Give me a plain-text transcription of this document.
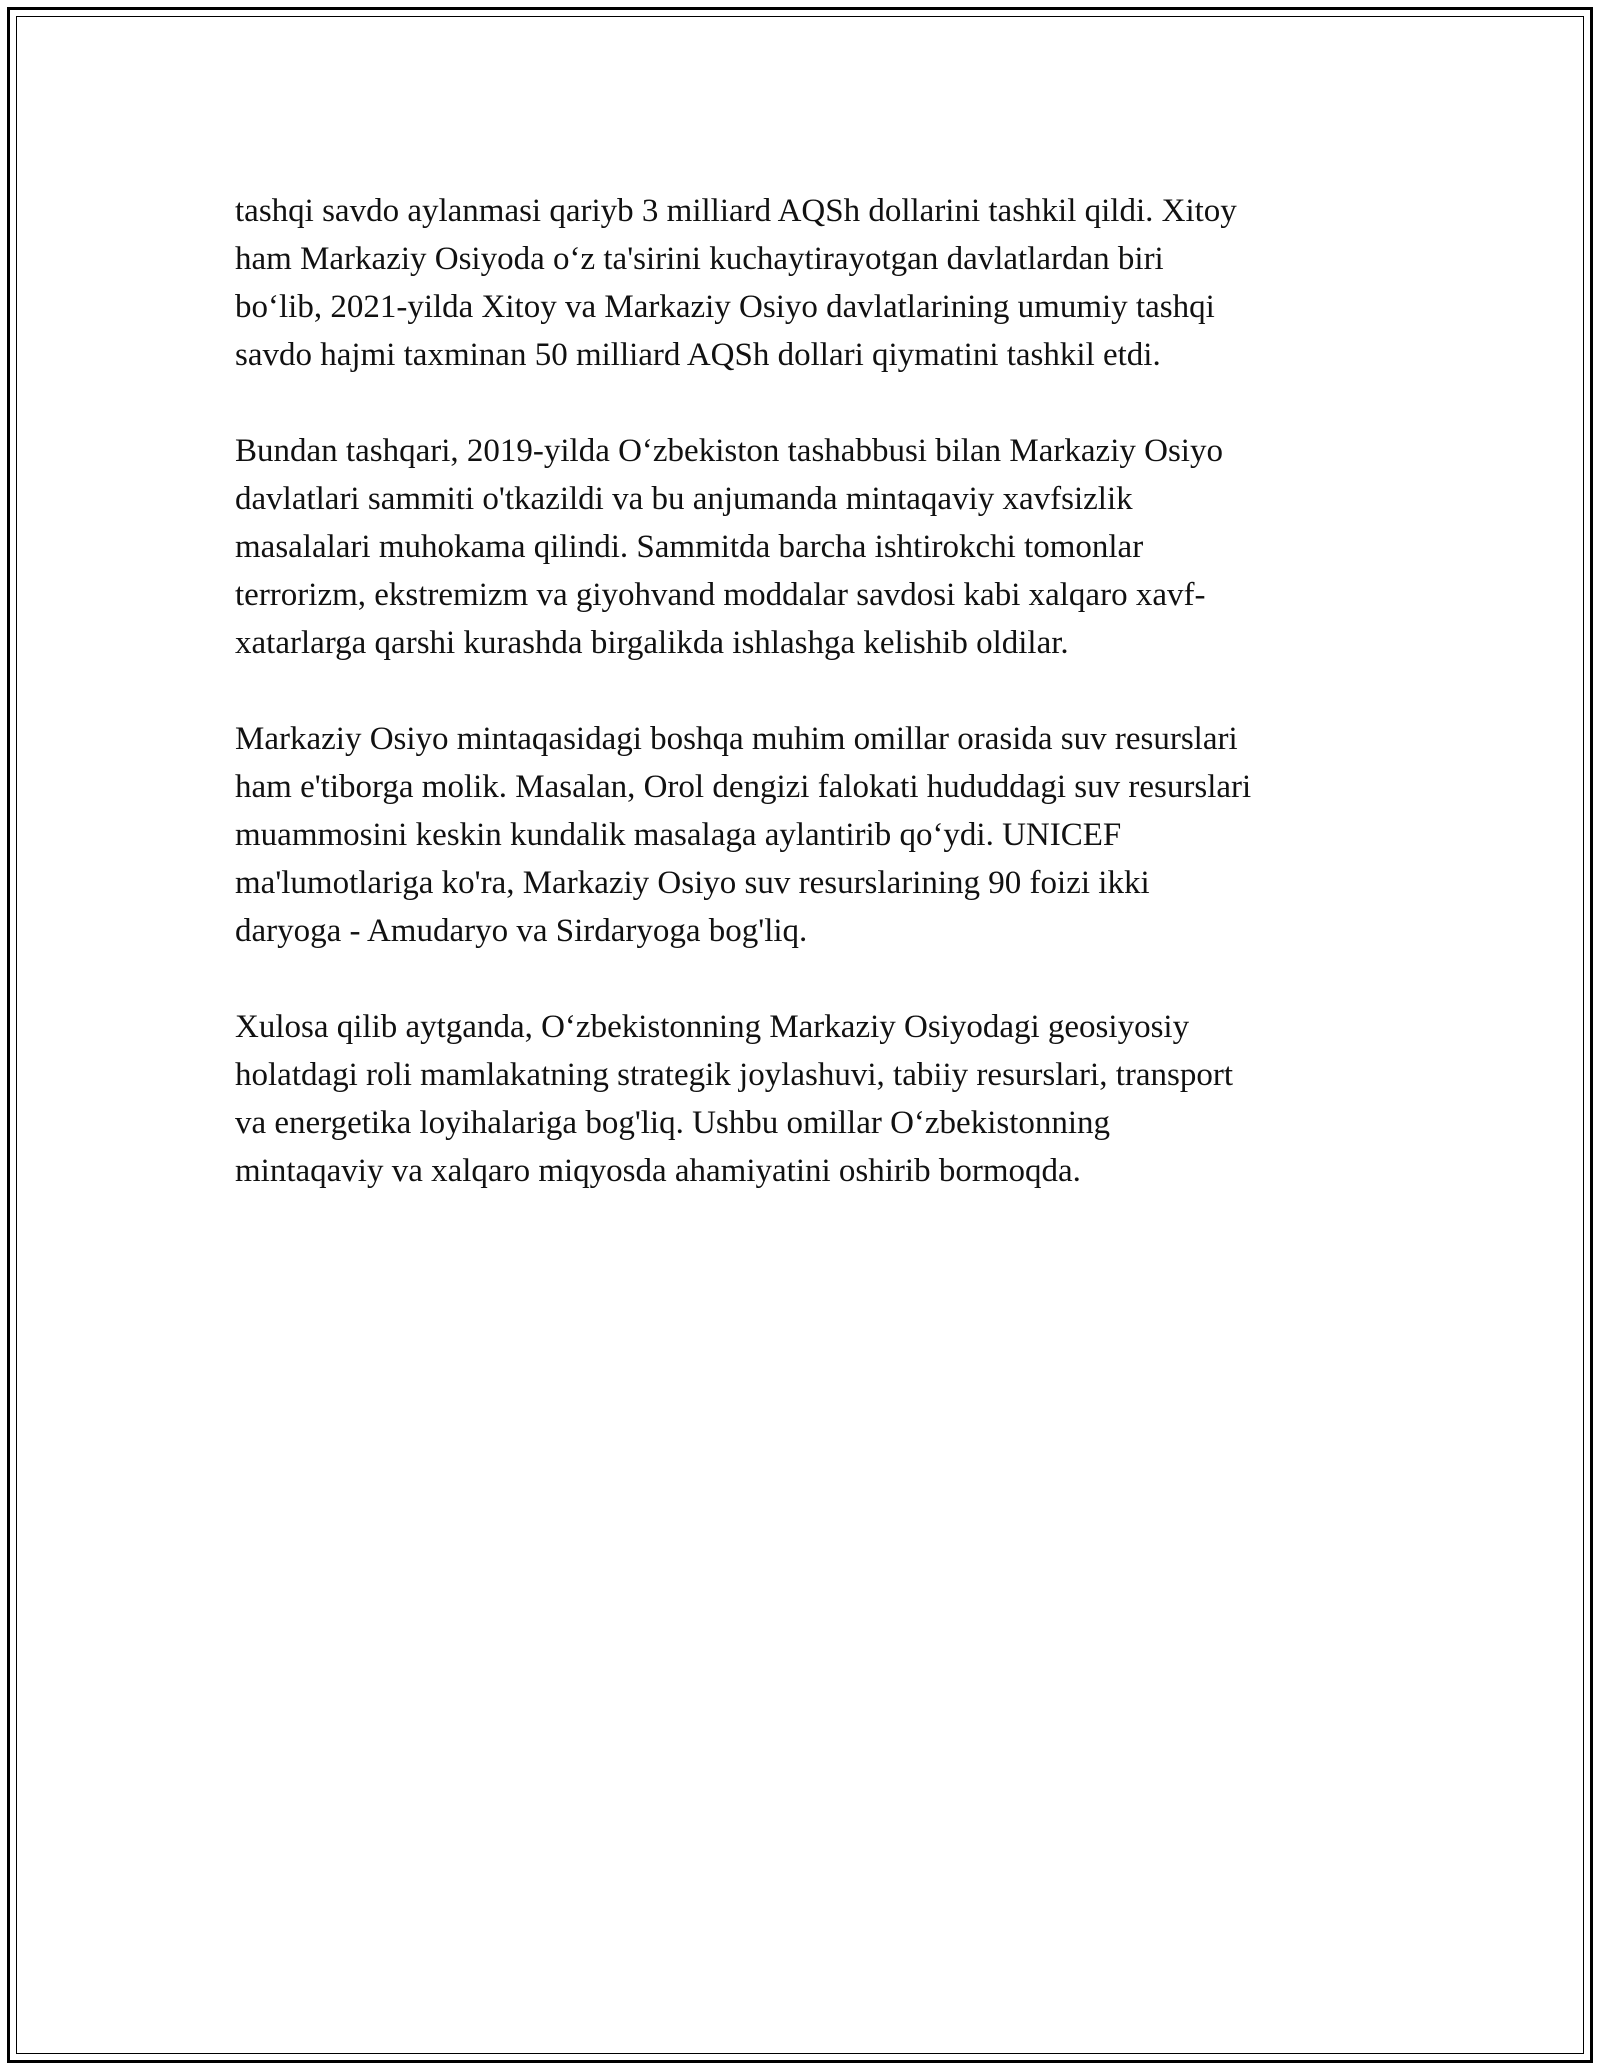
tashqi savdo aylanmasi qariyb 3 milliard AQSh dollarini tashkil qildi. Xitoy
ham Markaziy Osiyoda o‘z ta'sirini kuchaytirayotgan davlatlardan biri
bo‘lib, 2021-yilda Xitoy va Markaziy Osiyo davlatlarining umumiy tashqi
savdo hajmi taxminan 50 milliard AQSh dollari qiymatini tashkil etdi.

Bundan tashqari, 2019-yilda O‘zbekiston tashabbusi bilan Markaziy Osiyo
davlatlari sammiti o'tkazildi va bu anjumanda mintaqaviy xavfsizlik
masalalari muhokama qilindi. Sammitda barcha ishtirokchi tomonlar
terrorizm, ekstremizm va giyohvand moddalar savdosi kabi xalqaro xavf-
xatarlarga qarshi kurashda birgalikda ishlashga kelishib oldilar.

Markaziy Osiyo mintaqasidagi boshqa muhim omillar orasida suv resurslari
ham e'tiborga molik. Masalan, Orol dengizi falokati hududdagi suv resurslari
muammosini keskin kundalik masalaga aylantirib qo‘ydi. UNICEF
ma'lumotlariga ko'ra, Markaziy Osiyo suv resurslarining 90 foizi ikki
daryoga - Amudaryo va Sirdaryoga bog'liq.

Xulosa qilib aytganda, O‘zbekistonning Markaziy Osiyodagi geosiyosiy
holatdagi roli mamlakatning strategik joylashuvi, tabiiy resurslari, transport
va energetika loyihalariga bog'liq. Ushbu omillar O‘zbekistonning
mintaqaviy va xalqaro miqyosda ahamiyatini oshirib bormoqda.
